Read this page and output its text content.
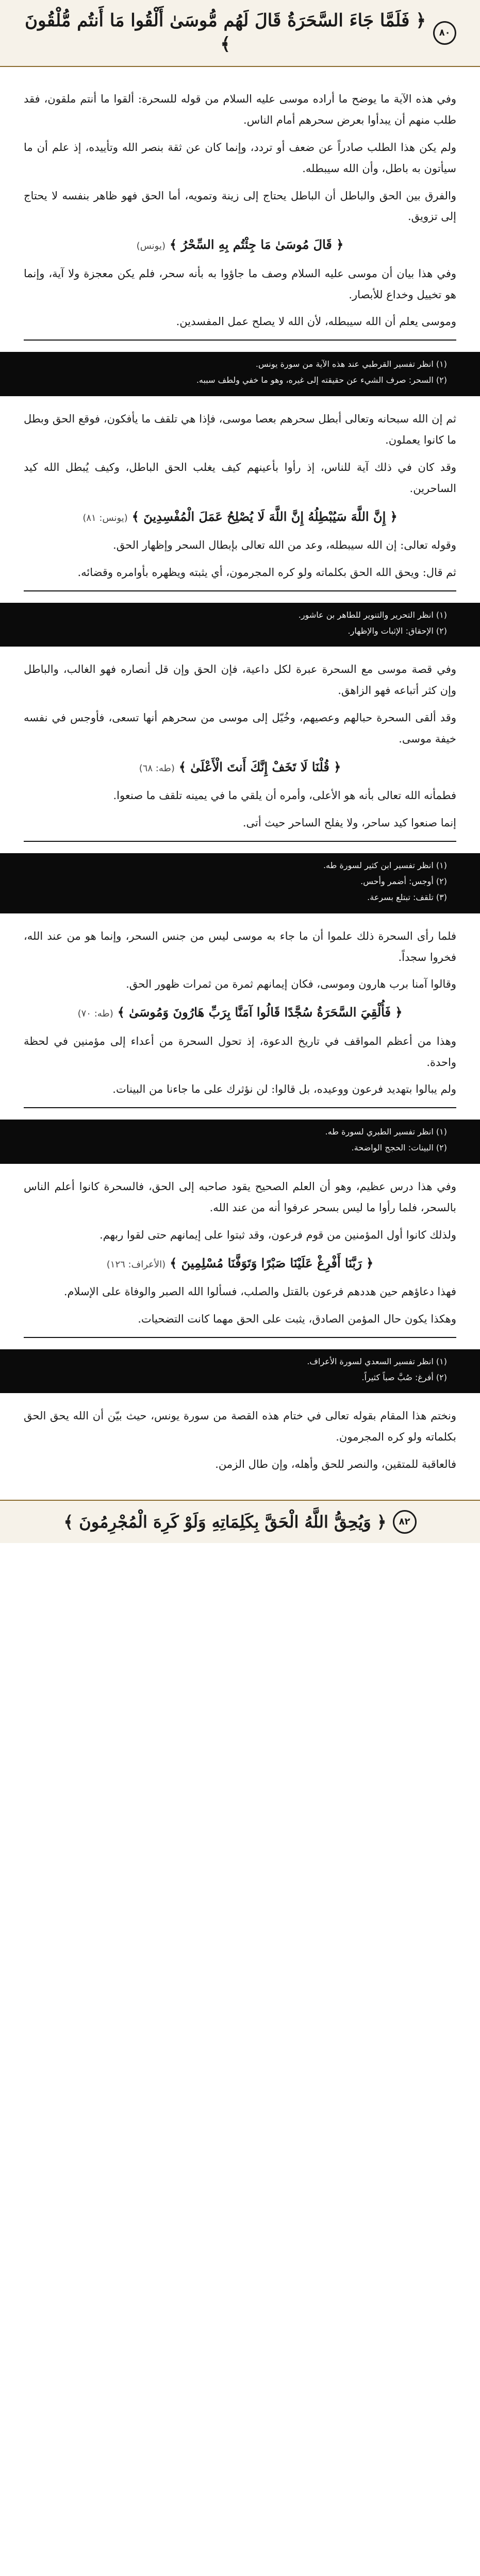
٨٠
﴿ فَلَمَّا جَاءَ السَّحَرَةُ قَالَ لَهُم مُّوسَىٰ أَلْقُوا مَا أَنتُم مُّلْقُونَ ﴾

وفي هذه الآية ما يوضح ما أراده موسى عليه السلام من قوله للسحرة: ألقوا ما أنتم ملقون، فقد طلب منهم أن يبدأوا بعرض سحرهم أمام الناس.

ولم يكن هذا الطلب صادراً عن ضعف أو تردد، وإنما كان عن ثقة بنصر الله وتأييده، إذ علم أن ما سيأتون به باطل، وأن الله سيبطله.

والفرق بين الحق والباطل أن الباطل يحتاج إلى زينة وتمويه، أما الحق فهو ظاهر بنفسه لا يحتاج إلى تزويق.

﴿ قَالَ مُوسَىٰ مَا جِئْتُم بِهِ السِّحْرُ ﴾(يونس)

وفي هذا بيان أن موسى عليه السلام وصف ما جاؤوا به بأنه سحر، فلم يكن معجزة ولا آية، وإنما هو تخييل وخداع للأبصار.

وموسى يعلم أن الله سيبطله، لأن الله لا يصلح عمل المفسدين.

(١) انظر تفسير القرطبي عند هذه الآية من سورة يونس.
(٢) السحر: صرف الشيء عن حقيقته إلى غيره، وهو ما خفي ولطف سببه.

ثم إن الله سبحانه وتعالى أبطل سحرهم بعصا موسى، فإذا هي تلقف ما يأفكون، فوقع الحق وبطل ما كانوا يعملون.

وقد كان في ذلك آية للناس، إذ رأوا بأعينهم كيف يغلب الحق الباطل، وكيف يُبطل الله كيد الساحرين.

﴿ إِنَّ اللَّهَ سَيُبْطِلُهُ إِنَّ اللَّهَ لَا يُصْلِحُ عَمَلَ الْمُفْسِدِينَ ﴾(يونس: ٨١)

وقوله تعالى: إن الله سيبطله، وعد من الله تعالى بإبطال السحر وإظهار الحق.

ثم قال: ويحق الله الحق بكلماته ولو كره المجرمون، أي يثبته ويظهره بأوامره وقضائه.

(١) انظر التحرير والتنوير للطاهر بن عاشور.
(٢) الإحقاق: الإثبات والإظهار.

وفي قصة موسى مع السحرة عبرة لكل داعية، فإن الحق وإن قل أنصاره فهو الغالب، والباطل وإن كثر أتباعه فهو الزاهق.

وقد ألقى السحرة حبالهم وعصيهم، وخُيّل إلى موسى من سحرهم أنها تسعى، فأوجس في نفسه خيفة موسى.

﴿ قُلْنَا لَا تَخَفْ إِنَّكَ أَنتَ الْأَعْلَىٰ ﴾(طه: ٦٨)

فطمأنه الله تعالى بأنه هو الأعلى، وأمره أن يلقي ما في يمينه تلقف ما صنعوا.

إنما صنعوا كيد ساحر، ولا يفلح الساحر حيث أتى.

(١) انظر تفسير ابن كثير لسورة طه.
(٢) أوجس: أضمر وأحس.
(٣) تلقف: تبتلع بسرعة.

فلما رأى السحرة ذلك علموا أن ما جاء به موسى ليس من جنس السحر، وإنما هو من عند الله، فخروا سجداً.

وقالوا آمنا برب هارون وموسى، فكان إيمانهم ثمرة من ثمرات ظهور الحق.

﴿ فَأُلْقِيَ السَّحَرَةُ سُجَّدًا قَالُوا آمَنَّا بِرَبِّ هَارُونَ وَمُوسَىٰ ﴾(طه: ٧٠)

وهذا من أعظم المواقف في تاريخ الدعوة، إذ تحول السحرة من أعداء إلى مؤمنين في لحظة واحدة.

ولم يبالوا بتهديد فرعون ووعيده، بل قالوا: لن نؤثرك على ما جاءنا من البينات.

(١) انظر تفسير الطبري لسورة طه.
(٢) البينات: الحجج الواضحة.

وفي هذا درس عظيم، وهو أن العلم الصحيح يقود صاحبه إلى الحق، فالسحرة كانوا أعلم الناس بالسحر، فلما رأوا ما ليس بسحر عرفوا أنه من عند الله.

ولذلك كانوا أول المؤمنين من قوم فرعون، وقد ثبتوا على إيمانهم حتى لقوا ربهم.

﴿ رَبَّنَا أَفْرِغْ عَلَيْنَا صَبْرًا وَتَوَفَّنَا مُسْلِمِينَ ﴾(الأعراف: ١٢٦)

فهذا دعاؤهم حين هددهم فرعون بالقتل والصلب، فسألوا الله الصبر والوفاة على الإسلام.

وهكذا يكون حال المؤمن الصادق، يثبت على الحق مهما كانت التضحيات.

(١) انظر تفسير السعدي لسورة الأعراف.
(٢) أفرغ: صُبَّ صباً كثيراً.

ونختم هذا المقام بقوله تعالى في ختام هذه القصة من سورة يونس، حيث بيّن أن الله يحق الحق بكلماته ولو كره المجرمون.

فالعاقبة للمتقين، والنصر للحق وأهله، وإن طال الزمن.

٨٢
﴿ وَيُحِقُّ اللَّهُ الْحَقَّ بِكَلِمَاتِهِ وَلَوْ كَرِهَ الْمُجْرِمُونَ ﴾
